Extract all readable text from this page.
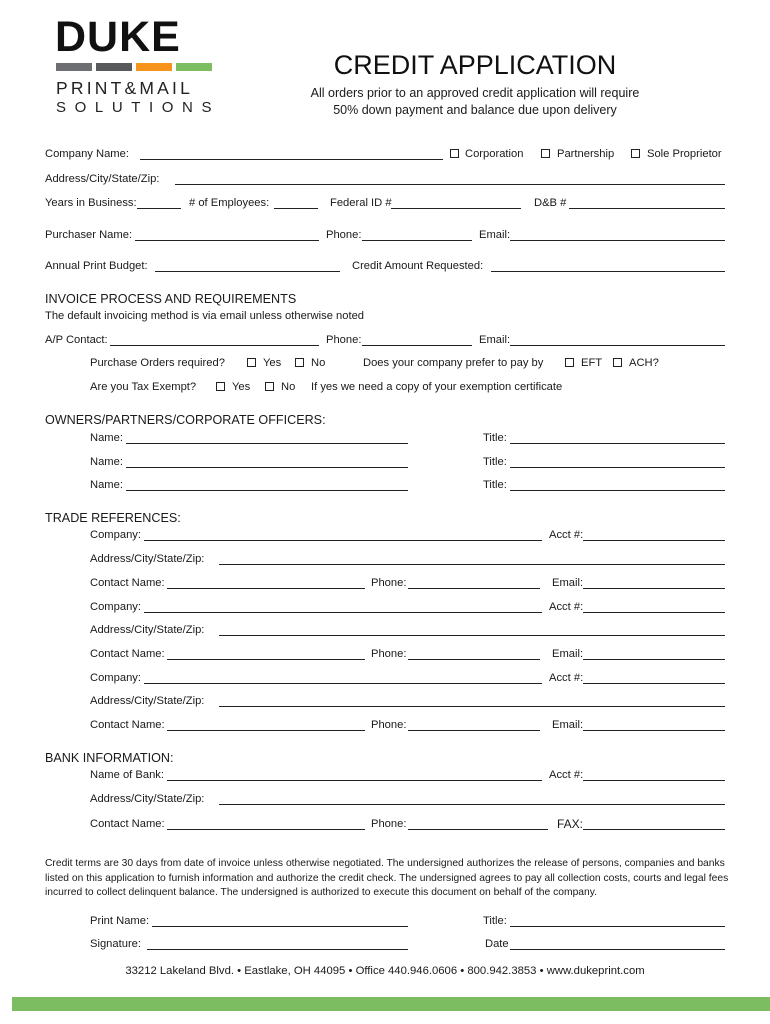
DUKE
PRINT&MAIL
SOLUTIONS
CREDIT APPLICATION
All orders prior to an approved credit application will require
50% down payment and balance due upon delivery
Company Name:	Corporation	Partnership	Sole Proprietor
Address/City/State/Zip:
Years in Business:	# of Employees:	Federal ID #	D&B #
Purchaser Name:	Phone:	Email:
Annual Print Budget:	Credit Amount Requested:
INVOICE PROCESS AND REQUIREMENTS
The default invoicing method is via email unless otherwise noted
A/P Contact:	Phone:	Email:
Purchase Orders required?	Yes	No	Does your company prefer to pay by	EFT ACH?
Are you Tax Exempt?	Yes	No If yes we need a copy of your exemption certificate
OWNERS/PARTNERS/CORPORATE OFFICERS:
Name:	Title:
Name:	Title:
Name:	Title:
TRADE REFERENCES:
Company:	Acct #:
Address/City/State/Zip:
Contact Name:	Phone:	Email:
Company:	Acct #:
Address/City/State/Zip:
Contact Name:	Phone:	Email:
Company:	Acct #:
Address/City/State/Zip:
Contact Name:	Phone:	Email:
BANK INFORMATION:
Name of Bank:	Acct #:
Address/City/State/Zip:
Contact Name:	Phone:	FAX:
Credit terms are 30 days from date of invoice unless otherwise negotiated. The undersigned authorizes the release of persons, companies and banks listed on this application to furnish information and authorize the credit check. The undersigned agrees to pay all collection costs, courts and legal fees incurred to collect delinquent balance. The undersigned is authorized to execute this document on behalf of the company.
Print Name:	Title:
Signature:	Date
33212 Lakeland Blvd. • Eastlake, OH 44095 • Office 440.946.0606 • 800.942.3853 • www.dukeprint.com
